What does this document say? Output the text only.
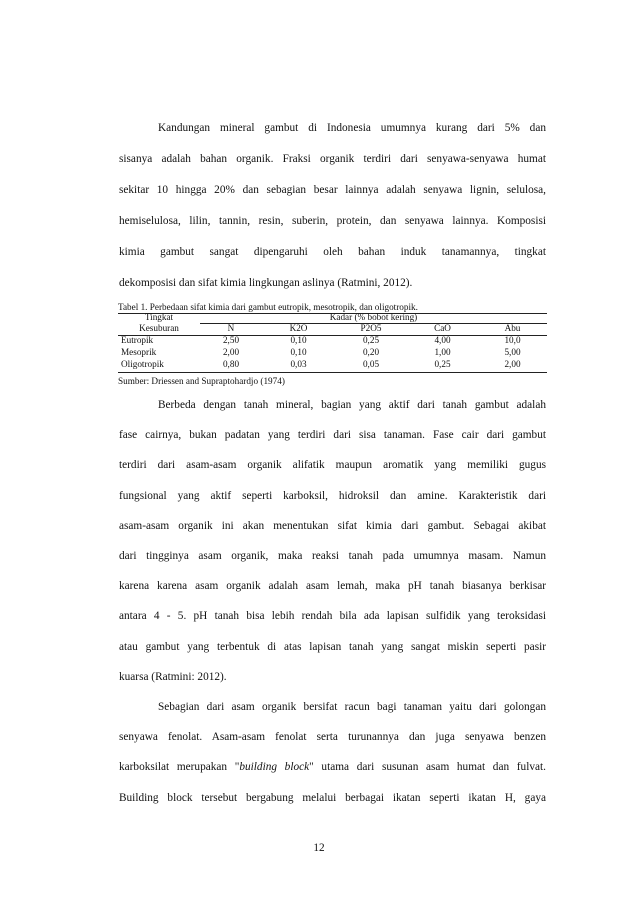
Kandungan mineral gambut di Indonesia umumnya kurang dari 5% dan
sisanya adalah bahan organik. Fraksi organik terdiri dari senyawa-senyawa humat
sekitar 10 hingga 20% dan sebagian besar lainnya adalah senyawa lignin, selulosa,
hemiselulosa, lilin, tannin, resin, suberin, protein, dan senyawa lainnya. Komposisi
kimia gambut sangat dipengaruhi oleh bahan induk tanamannya, tingkat
dekomposisi dan sifat kimia lingkungan aslinya (Ratmini, 2012).
Tabel 1. Perbedaan sifat kimia dari gambut eutropik, mesotropik, dan oligotropik.
Tingkat	Kadar (% bobot kering)
Kesuburan	N	K2O	P2O5	CaO	Abu
Eutropik	2,50	0,10	0,25	4,00	10,0
Mesoprik	2,00	0,10	0,20	1,00	5,00
Oligotropik	0,80	0,03	0,05	0,25	2,00
Sumber: Driessen and Supraptohardjo (1974)
Berbeda dengan tanah mineral, bagian yang aktif dari tanah gambut adalah
fase cairnya, bukan padatan yang terdiri dari sisa tanaman. Fase cair dari gambut
terdiri dari asam-asam organik alifatik maupun aromatik yang memiliki gugus
fungsional yang aktif seperti karboksil, hidroksil dan amine. Karakteristik dari
asam-asam organik ini akan menentukan sifat kimia dari gambut. Sebagai akibat
dari tingginya asam organik, maka reaksi tanah pada umumnya masam. Namun
karena karena asam organik adalah asam lemah, maka pH tanah biasanya berkisar
antara 4 - 5. pH tanah bisa lebih rendah bila ada lapisan sulfidik yang teroksidasi
atau gambut yang terbentuk di atas lapisan tanah yang sangat miskin seperti pasir
kuarsa (Ratmini: 2012).
Sebagian dari asam organik bersifat racun bagi tanaman yaitu dari golongan
senyawa fenolat. Asam-asam fenolat serta turunannya dan juga senyawa benzen
karboksilat merupakan "building block" utama dari susunan asam humat dan fulvat.
Building block tersebut bergabung melalui berbagai ikatan seperti ikatan H, gaya
12
